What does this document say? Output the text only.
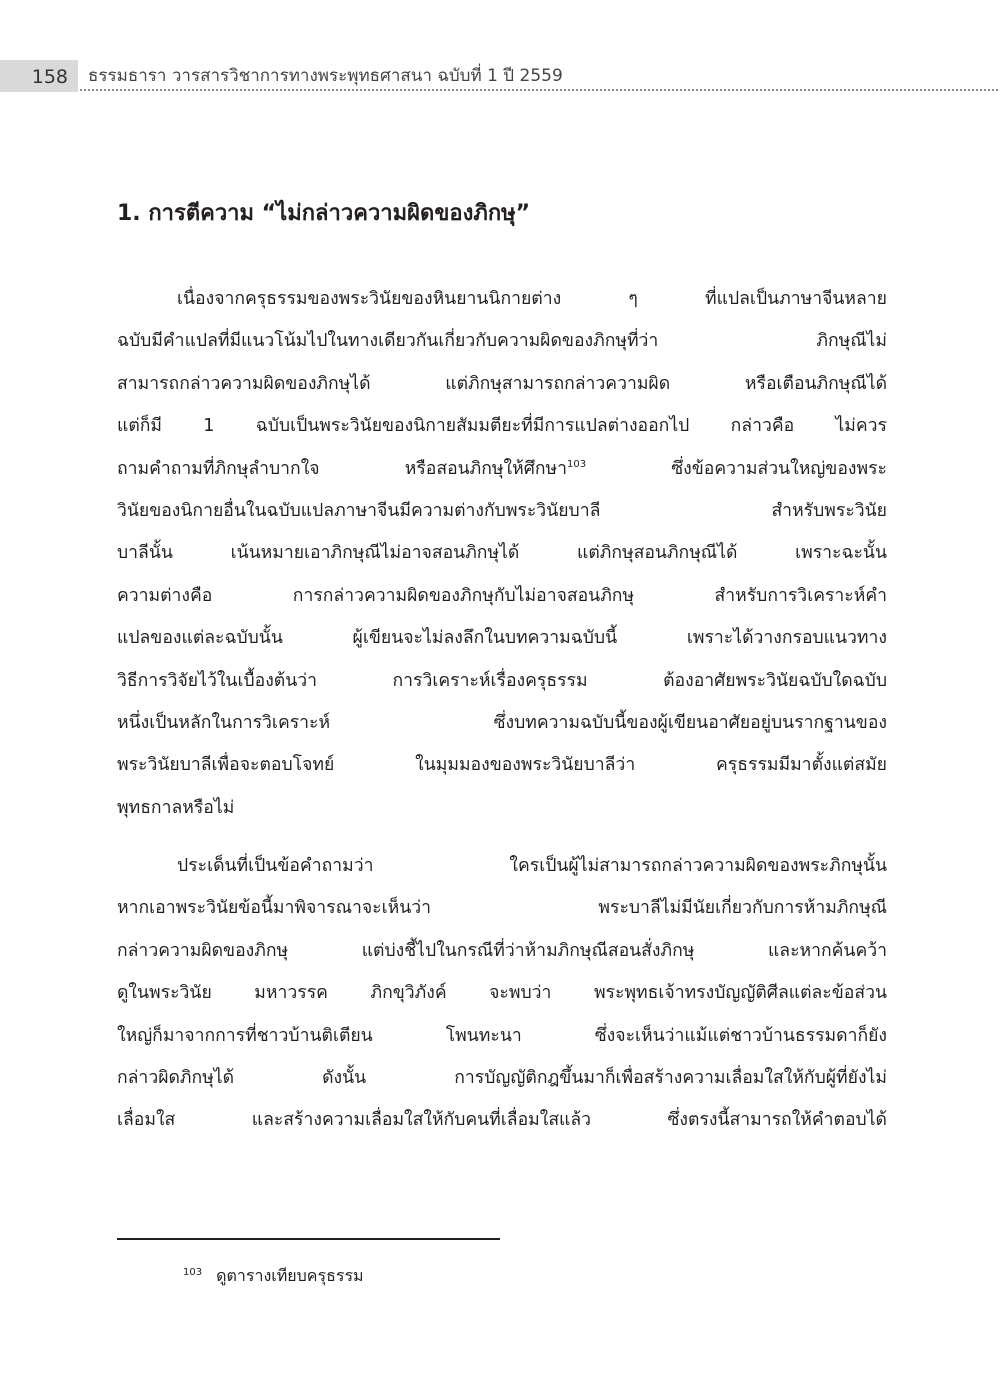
158	ธรรมธารา วารสารวิชาการทางพระพุทธศาสนา ฉบับที่ 1 ปี 2559
1. การตีความ “ไม่กล่าวความผิดของภิกษุ”
เนื่องจากครุธรรมของพระวินัยของหินยานนิกายต่าง ๆ ที่แปลเป็นภาษาจีนหลาย
ฉบับมีคำแปลที่มีแนวโน้มไปในทางเดียวกันเกี่ยวกับความผิดของภิกษุที่ว่า ภิกษุณีไม่
สามารถกล่าวความผิดของภิกษุได้ แต่ภิกษุสามารถกล่าวความผิด หรือเตือนภิกษุณีได้
แต่ก็มี 1 ฉบับเป็นพระวินัยของนิกายสัมมตียะที่มีการแปลต่างออกไป กล่าวคือ ไม่ควร
ถามคำถามที่ภิกษุลำบากใจ หรือสอนภิกษุให้ศึกษา$^{103}$ ซึ่งข้อความส่วนใหญ่ของพระ
วินัยของนิกายอื่นในฉบับแปลภาษาจีนมีความต่างกับพระวินัยบาลี สำหรับพระวินัย
บาลีนั้น เน้นหมายเอาภิกษุณีไม่อาจสอนภิกษุได้ แต่ภิกษุสอนภิกษุณีได้ เพราะฉะนั้น
ความต่างคือ การกล่าวความผิดของภิกษุกับไม่อาจสอนภิกษุ สำหรับการวิเคราะห์คำ
แปลของแต่ละฉบับนั้น ผู้เขียนจะไม่ลงลึกในบทความฉบับนี้ เพราะได้วางกรอบแนวทาง
วิธีการวิจัยไว้ในเบื้องต้นว่า การวิเคราะห์เรื่องครุธรรม ต้องอาศัยพระวินัยฉบับใดฉบับ
หนึ่งเป็นหลักในการวิเคราะห์ ซึ่งบทความฉบับนี้ของผู้เขียนอาศัยอยู่บนรากฐานของ
พระวินัยบาลีเพื่อจะตอบโจทย์ ในมุมมองของพระวินัยบาลีว่า ครุธรรมมีมาตั้งแต่สมัย
พุทธกาลหรือไม่
ประเด็นที่เป็นข้อคำถามว่า ใครเป็นผู้ไม่สามารถกล่าวความผิดของพระภิกษุนั้น
หากเอาพระวินัยข้อนี้มาพิจารณาจะเห็นว่า พระบาลีไม่มีนัยเกี่ยวกับการห้ามภิกษุณี
กล่าวความผิดของภิกษุ แต่บ่งชี้ไปในกรณีที่ว่าห้ามภิกษุณีสอนสั่งภิกษุ และหากค้นคว้า
ดูในพระวินัย มหาวรรค ภิกขุวิภังค์ จะพบว่า พระพุทธเจ้าทรงบัญญัติศีลแต่ละข้อส่วน
ใหญ่ก็มาจากการที่ชาวบ้านติเตียน โพนทะนา ซึ่งจะเห็นว่าแม้แต่ชาวบ้านธรรมดาก็ยัง
กล่าวผิดภิกษุได้ ดังนั้น การบัญญัติกฎขึ้นมาก็เพื่อสร้างความเลื่อมใสให้กับผู้ที่ยังไม่
เลื่อมใส และสร้างความเลื่อมใสให้กับคนที่เลื่อมใสแล้ว ซึ่งตรงนี้สามารถให้คำตอบได้
$^{103}$ ดูตารางเทียบครุธรรม
